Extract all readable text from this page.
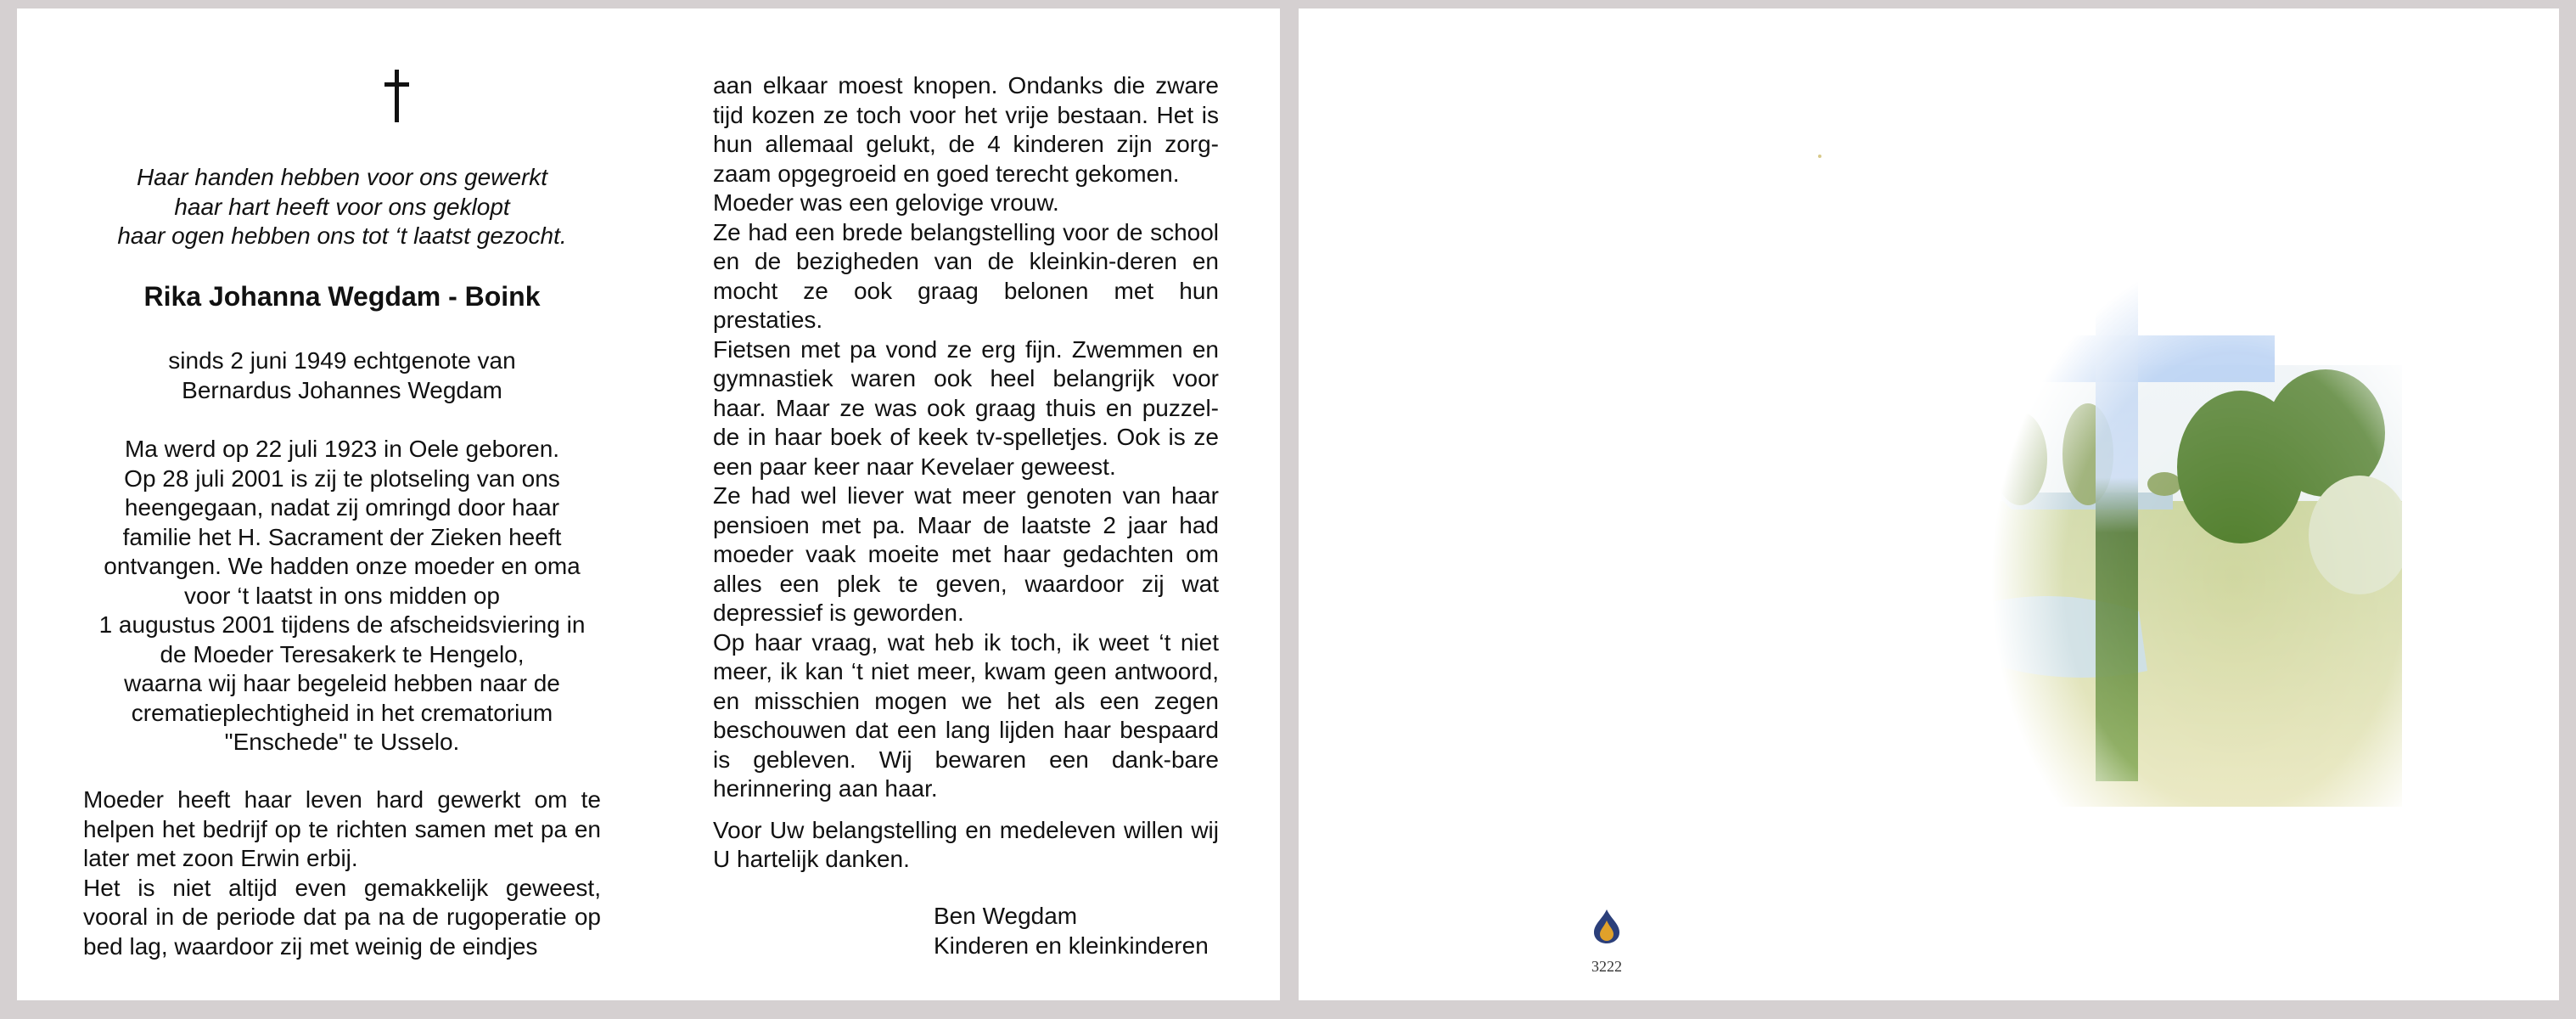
Haar handen hebben voor ons gewerkt
haar hart heeft voor ons geklopt
haar ogen hebben ons tot ‘t laatst gezocht.
Rika Johanna Wegdam - Boink
sinds 2 juni 1949 echtgenote van
Bernardus Johannes Wegdam
Ma werd op 22 juli 1923 in Oele geboren.
Op 28 juli 2001 is zij te plotseling van ons
heengegaan, nadat zij omringd door haar
familie het H. Sacrament der Zieken heeft
ontvangen. We hadden onze moeder en oma
voor ‘t laatst in ons midden op
1 augustus 2001 tijdens de afscheidsviering in
de Moeder Teresakerk te Hengelo,
waarna wij haar begeleid hebben naar de
crematieplechtigheid in het crematorium
"Enschede" te Usselo.

Moeder heeft haar leven hard gewerkt om te helpen het bedrijf op te richten samen met pa en later met zoon Erwin erbij.

Het is niet altijd even gemakkelijk geweest, vooral in de periode dat pa na de rugoperatie op bed lag, waardoor zij met weinig de eindjes

aan elkaar moest knopen. Ondanks die zware tijd kozen ze toch voor het vrije bestaan. Het is hun allemaal gelukt, de 4 kinderen zijn zorg-zaam opgegroeid en goed terecht gekomen.

Moeder was een gelovige vrouw.

Ze had een brede belangstelling voor de school en de bezigheden van de kleinkin-deren en mocht ze ook graag belonen met hun prestaties.

Fietsen met pa vond ze erg fijn. Zwemmen en gymnastiek waren ook heel belangrijk voor haar. Maar ze was ook graag thuis en puzzel-de in haar boek of keek tv-spelletjes. Ook is ze een paar keer naar Kevelaer geweest.

Ze had wel liever wat meer genoten van haar pensioen met pa. Maar de laatste 2 jaar had moeder vaak moeite met haar gedachten om alles een plek te geven, waardoor zij wat depressief is geworden.

Op haar vraag, wat heb ik toch, ik weet ‘t niet meer, ik kan ‘t niet meer, kwam geen antwoord, en misschien mogen we het als een zegen beschouwen dat een lang lijden haar bespaard is gebleven. Wij bewaren een dank-bare herinnering aan haar.

Voor Uw belangstelling en medeleven willen wij U hartelijk danken.

Ben Wegdam
Kinderen en kleinkinderen
3222
